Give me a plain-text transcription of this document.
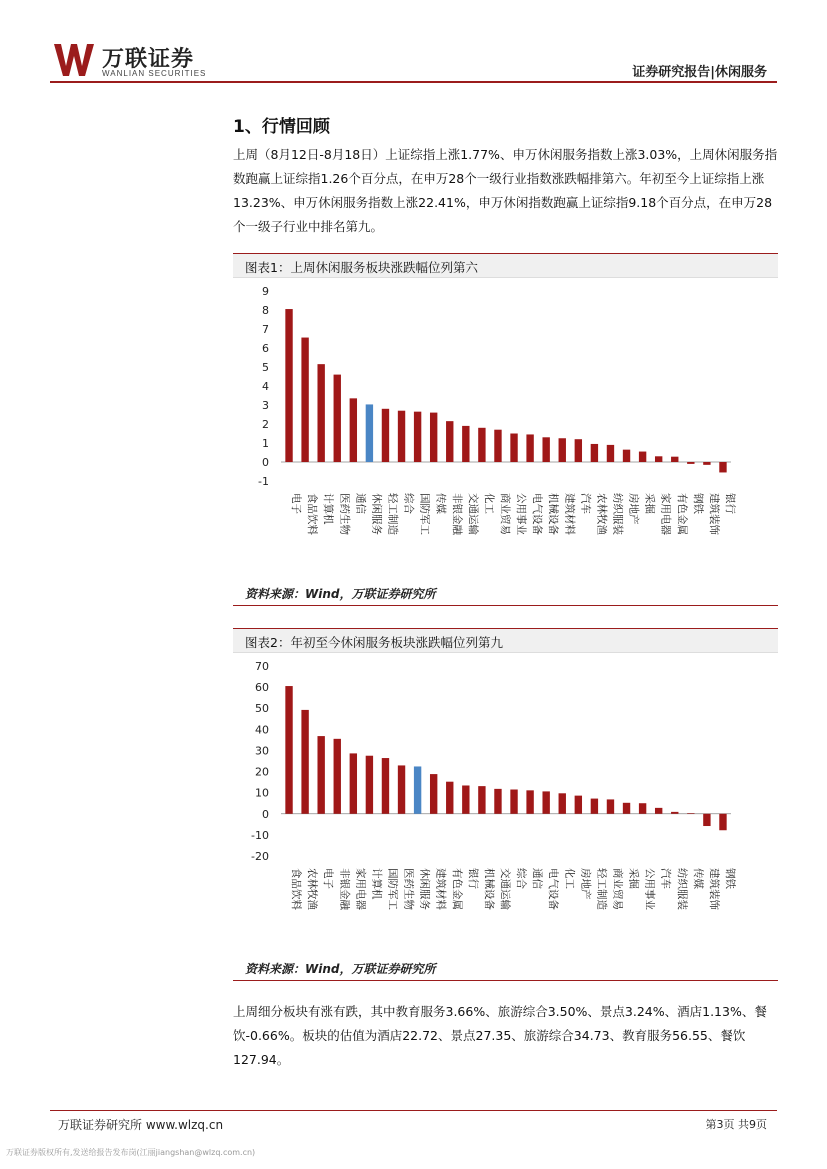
万联证券
WANLIAN SECURITIES	证券研究报告|休闲服务
1、行情回顾
上周（8月12日-8月18日）上证综指上涨1.77%、申万休闲服务指数上涨3.03%，上周休闲服务指数跑赢上证综指1.26个百分点，在申万28个一级行业指数涨跌幅排第六。年初至今上证综指上涨13.23%、申万休闲服务指数上涨22.41%，申万休闲指数跑赢上证综指9.18个百分点，在申万28个一级子行业中排名第九。
图表1：上周休闲服务板块涨跌幅位列第六
-1
0
1
2
3
4
5
6
7
8
9
电子 食品饮料 计算机 医药生物 通信 休闲服务 轻工制造 综合 国防军工 传媒 非银金融 交通运输 化工 商业贸易 公用事业 电气设备 机械设备 建筑材料 汽车 农林牧渔 纺织服装 房地产 采掘 家用电器 有色金属 钢铁 建筑装饰 银行
资料来源：Wind，万联证券研究所
图表2：年初至今休闲服务板块涨跌幅位列第九
-20
-10
0
10
20
30
40
50
60
70
食品饮料 农林牧渔 电子 非银金融 家用电器 计算机 国防军工 医药生物 休闲服务 建筑材料 有色金属 银行 机械设备 交通运输 综合 通信 电气设备 化工 房地产 轻工制造 商业贸易 采掘 公用事业 汽车 纺织服装 传媒 建筑装饰 钢铁
资料来源：Wind，万联证券研究所
上周细分板块有涨有跌，其中教育服务3.66%、旅游综合3.50%、景点3.24%、酒店1.13%、餐饮-0.66%。板块的估值为酒店22.72、景点27.35、旅游综合34.73、教育服务56.55、餐饮127.94。
万联证券研究所 www.wlzq.cn	第3页 共9页
万联证券版权所有,发送给报告发布岗(江丽jiangshan@wlzq.com.cn)
